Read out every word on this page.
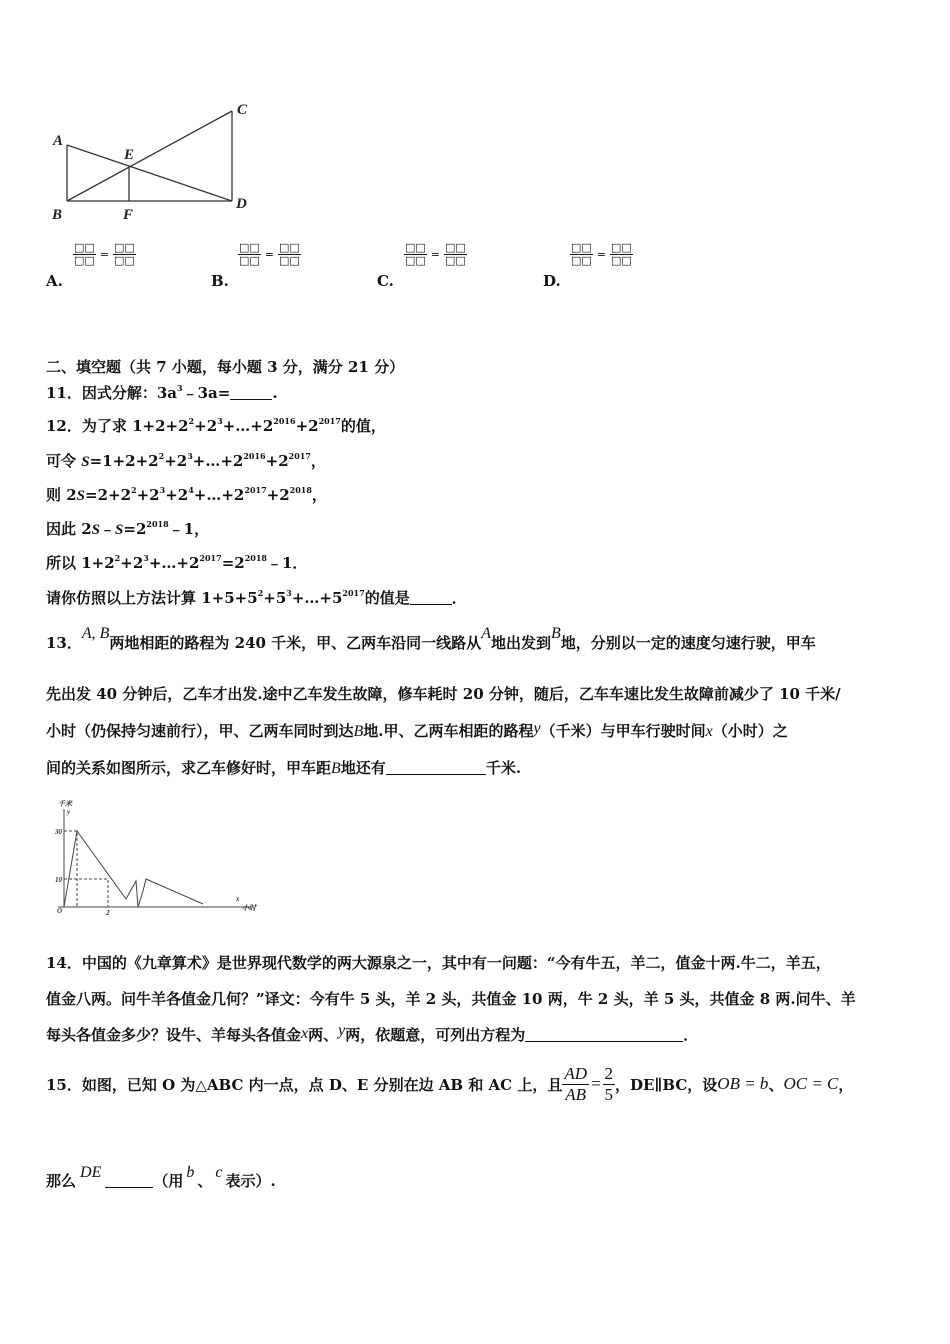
A
B
C
D
E
F
$\frac{□□}{□□} = \frac{□□}{□□}$
A.
$\frac{□□}{□□} = \frac{□□}{□□}$
B.
$\frac{□□}{□□} = \frac{□□}{□□}$
C.
$\frac{□□}{□□} = \frac{□□}{□□}$
D.
二、填空题（共 7 小题，每小题 3 分，满分 21 分）
11．因式分解：$3a^3﹣3a=$	.
12．为了求 $1+2+2^2+2^3+\dots+2^{2016}+2^{2017}$的值，
可令 $S=1+2+2^2+2^3+\dots+2^{2016}+2^{2017}$，
则 $2S=2+2^2+2^3+2^4+\dots+2^{2017}+2^{2018}$，
因此 $2S﹣S=2^{2018}﹣1$，
所以 $1+2^2+2^3+\dots+2^{2017}=2^{2018}﹣1$．
请你仿照以上方法计算 $1+5+5^2+5^3+\dots+5^{2017}$的值是	．
13．A, B两地相距的路程为 240 千米，甲、乙两车沿同一线路从A地出发到B地，分别以一定的速度匀速行驶，甲车
先出发 40 分钟后，乙车才出发.途中乙车发生故障，修车耗时 20 分钟，随后，乙车车速比发生故障前减少了 10 千米/
小时（仍保持匀速前行），甲、乙两车同时到达B地.甲、乙两车相距的路程y（千米）与甲车行驶时间x（小时）之
间的关系如图所示，求乙车修好时，甲车距B地还有	千米.
千米
y
x
小时
30
10
O	2
14．中国的《九章算术》是世界现代数学的两大源泉之一，其中有一问题：“今有牛五，羊二，值金十两.牛二，羊五，
值金八两。问牛羊各值金几何？”译文：今有牛 5 头，羊 2 头，共值金 10 两，牛 2 头，羊 5 头，共值金 8 两.问牛、羊
每头各值金多少？设牛、羊每头各值金x两、y两，依题意，可列出方程为	．
15．如图，已知 O 为△ABC 内一点，点 D、E 分别在边 AB 和 AC 上，且 $\frac{AD}{AB} = \frac{2}{5}$ ，DE∥BC，设 OB = b 、 OC = C ，
那么 DE	（用 b 、 c 表示）.
